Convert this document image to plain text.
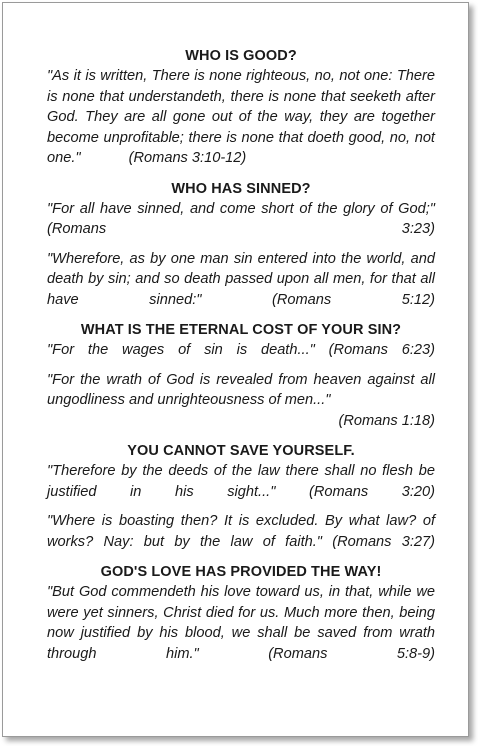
WHO IS GOOD?

"As it is written, There is none righteous, no, not one: There is none that understandeth, there is none that seeketh after God. They are all gone out of the way, they are together become unprofitable; there is none that doeth good, no, not one."	(Romans 3:10-12)

WHO HAS SINNED?

"For all have sinned, and come short of the glory of God;" (Romans 3:23)

"Wherefore, as by one man sin entered into the world, and death by sin; and so death passed upon all men, for that all have sinned:"	(Romans 5:12)

WHAT IS THE ETERNAL COST OF YOUR SIN?

"For the wages of sin is death..." (Romans 6:23)

"For the wrath of God is revealed from heaven against all ungodliness and unrighteousness of men..."

(Romans 1:18)

YOU CANNOT SAVE YOURSELF.

"Therefore by the deeds of the law there shall no flesh be justified in his sight..." (Romans 3:20)

"Where is boasting then? It is excluded. By what law? of works? Nay: but by the law of faith." (Romans 3:27)

GOD'S LOVE HAS PROVIDED THE WAY!

"But God commendeth his love toward us, in that, while we were yet sinners, Christ died for us. Much more then, being now justified by his blood, we shall be saved from wrath through him."	(Romans 5:8-9)
